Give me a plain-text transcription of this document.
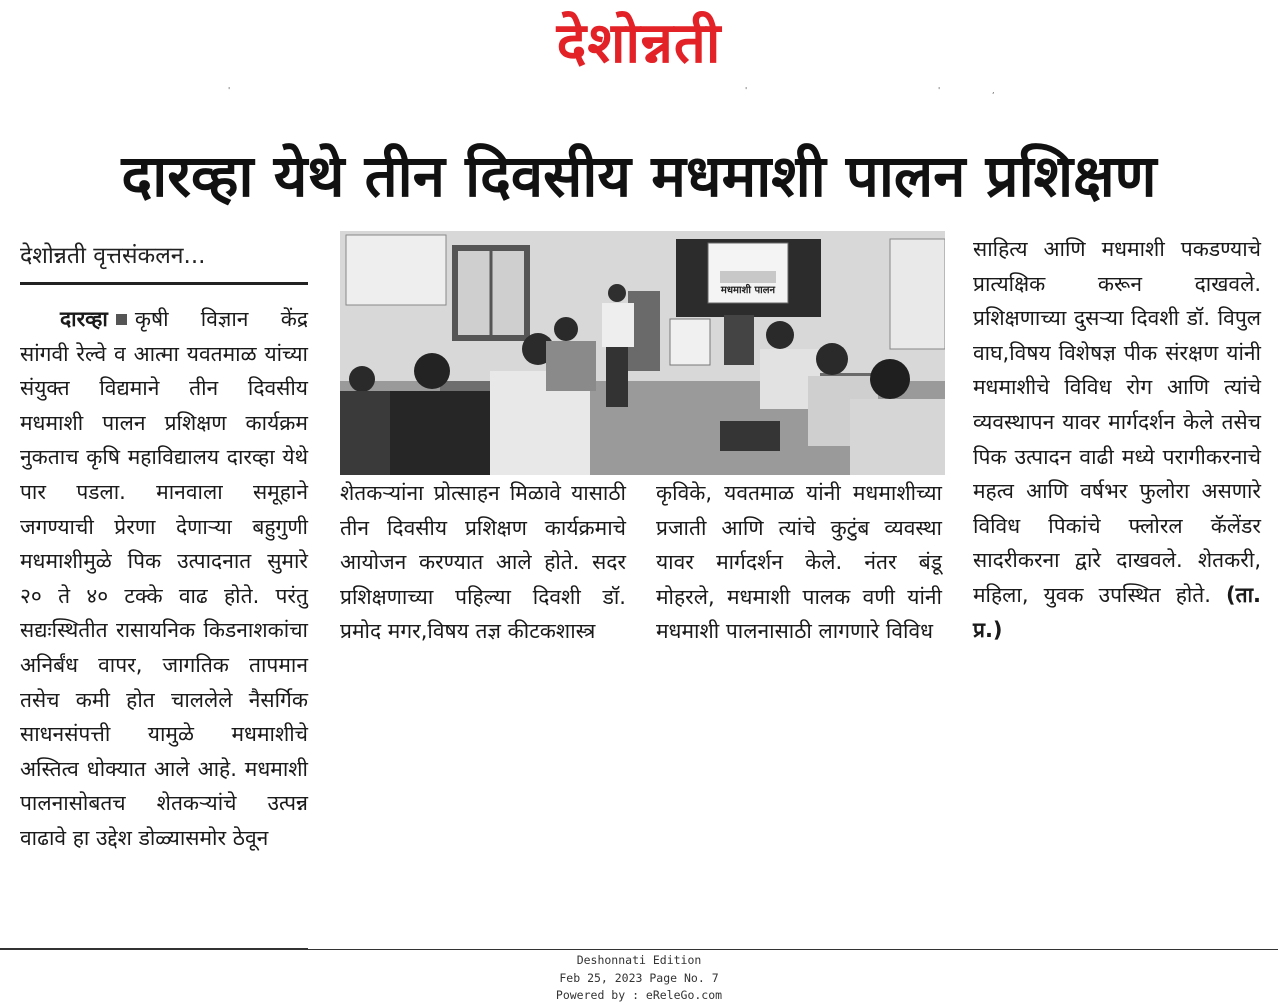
देशोन्नती
'	'	'	,
दारव्हा येथे तीन दिवसीय मधमाशी पालन प्रशिक्षण
देशोन्नती वृत्तसंकलन...

दारव्हा कृषी विज्ञान केंद्र सांगवी रेल्वे व आत्मा यवतमाळ यांच्या संयुक्त विद्यमाने तीन दिवसीय मधमाशी पालन प्रशिक्षण कार्यक्रम नुकताच कृषि महाविद्यालय दारव्हा येथे पार पडला. मानवाला समूहाने जगण्याची प्रेरणा देणाऱ्या बहुगुणी मधमाशीमुळे पिक उत्पादनात सुमारे २० ते ४० टक्के वाढ होते. परंतु सद्यःस्थितीत रासायनिक किडनाशकांचा अनिर्बंध वापर, जागतिक तापमान तसेच कमी होत चाललेले नैसर्गिक साधनसंपत्ती यामुळे मधमाशीचे अस्तित्व धोक्यात आले आहे. मधमाशी पालनासोबतच शेतकऱ्यांचे उत्पन्न वाढावे हा उद्देश डोळ्यासमोर ठेवून

मधमाशी पालन

शेतकऱ्यांना प्रोत्साहन मिळावे यासाठी तीन दिवसीय प्रशिक्षण कार्यक्रमाचे आयोजन करण्यात आले होते. सदर प्रशिक्षणाच्या पहिल्या दिवशी डॉ. प्रमोद मगर,विषय तज्ञ कीटकशास्त्र

कृविके, यवतमाळ यांनी मधमाशीच्या प्रजाती आणि त्यांचे कुटुंब व्यवस्था यावर मार्गदर्शन केले. नंतर बंडू मोहरले, मधमाशी पालक वणी यांनी मधमाशी पालनासाठी लागणारे विविध

साहित्य आणि मधमाशी पकडण्याचे प्रात्यक्षिक करून दाखवले. प्रशिक्षणाच्या दुसऱ्या दिवशी डॉ. विपुल वाघ,विषय विशेषज्ञ पीक संरक्षण यांनी मधमाशीचे विविध रोग आणि त्यांचे व्यवस्थापन यावर मार्गदर्शन केले तसेच पिक उत्पादन वाढी मध्ये परागीकरनाचे महत्व आणि वर्षभर फुलोरा असणारे विविध पिकांचे फ्लोरल कॅलेंडर सादरीकरना द्वारे दाखवले. शेतकरी, महिला, युवक उपस्थित होते. (ता. प्र.)

Deshonnati Edition
Feb 25, 2023 Page No. 7
Powered by : eReleGo.com
